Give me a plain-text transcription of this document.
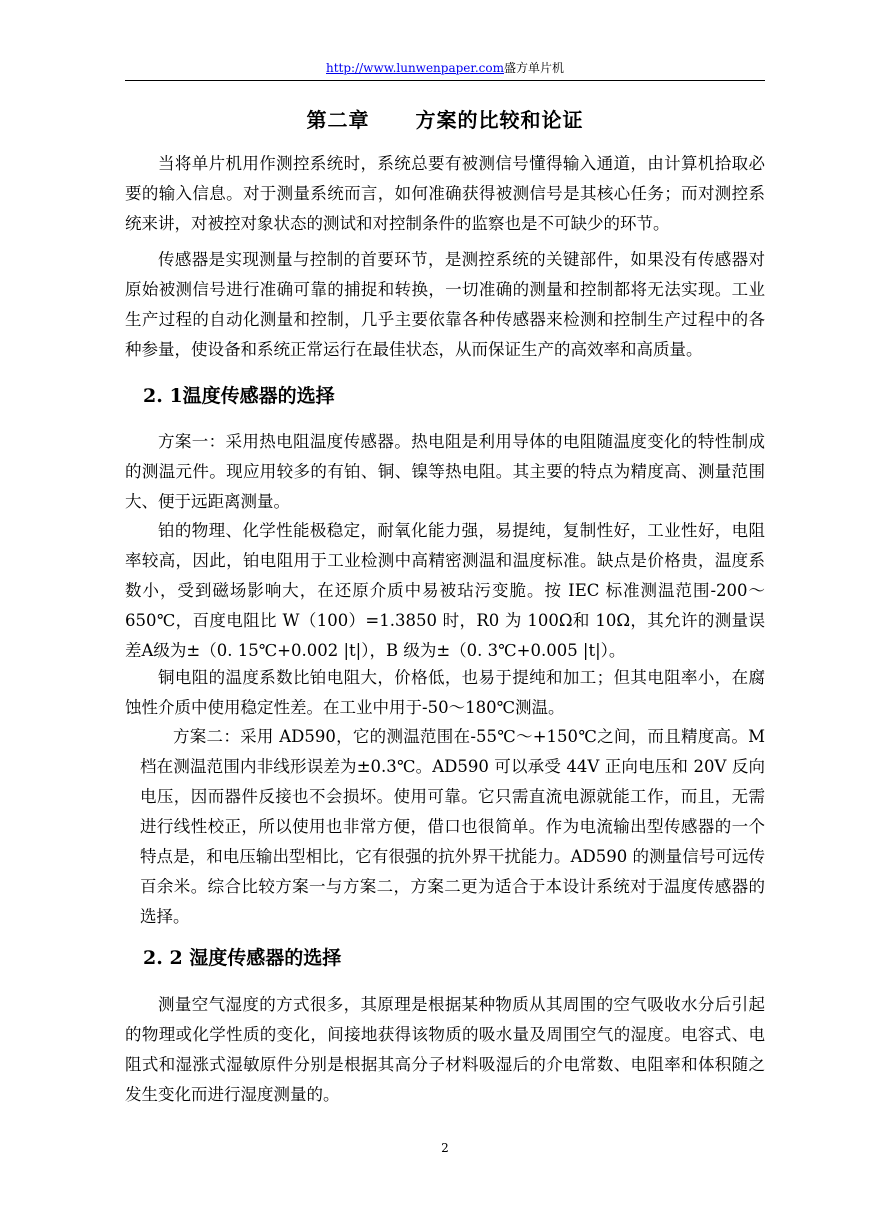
http://www.lunwenpaper.com盛方单片机
第二章 方案的比较和论证

当将单片机用作测控系统时，系统总要有被测信号懂得输入通道，由计算机拾取必要的输入信息。对于测量系统而言，如何准确获得被测信号是其核心任务；而对测控系统来讲，对被控对象状态的测试和对控制条件的监察也是不可缺少的环节。

传感器是实现测量与控制的首要环节，是测控系统的关键部件，如果没有传感器对原始被测信号进行准确可靠的捕捉和转换，一切准确的测量和控制都将无法实现。工业生产过程的自动化测量和控制，几乎主要依靠各种传感器来检测和控制生产过程中的各种参量，使设备和系统正常运行在最佳状态，从而保证生产的高效率和高质量。

2. 1温度传感器的选择

方案一：采用热电阻温度传感器。热电阻是利用导体的电阻随温度变化的特性制成的测温元件。现应用较多的有铂、铜、镍等热电阻。其主要的特点为精度高、测量范围大、便于远距离测量。

铂的物理、化学性能极稳定，耐氧化能力强，易提纯，复制性好，工业性好，电阻率较高，因此，铂电阻用于工业检测中高精密测温和温度标准。缺点是价格贵，温度系数小，受到磁场影响大，在还原介质中易被玷污变脆。按 IEC 标准测温范围-200～650℃，百度电阻比 W（100）=1.3850 时，R0 为 100Ω和 10Ω，其允许的测量误差A级为±（0. 15℃+0.002 |t|），B 级为±（0. 3℃+0.005 |t|）。

铜电阻的温度系数比铂电阻大，价格低，也易于提纯和加工；但其电阻率小，在腐蚀性介质中使用稳定性差。在工业中用于-50～180℃测温。

方案二：采用 AD590，它的测温范围在-55℃～+150℃之间，而且精度高。M档在测温范围内非线形误差为±0.3℃。AD590 可以承受 44V 正向电压和 20V 反向电压，因而器件反接也不会损坏。使用可靠。它只需直流电源就能工作，而且，无需进行线性校正，所以使用也非常方便，借口也很简单。作为电流输出型传感器的一个特点是，和电压输出型相比，它有很强的抗外界干扰能力。AD590 的测量信号可远传百余米。综合比较方案一与方案二，方案二更为适合于本设计系统对于温度传感器的选择。

2. 2 湿度传感器的选择

测量空气湿度的方式很多，其原理是根据某种物质从其周围的空气吸收水分后引起的物理或化学性质的变化，间接地获得该物质的吸水量及周围空气的湿度。电容式、电阻式和湿涨式湿敏原件分别是根据其高分子材料吸湿后的介电常数、电阻率和体积随之发生变化而进行湿度测量的。

2
